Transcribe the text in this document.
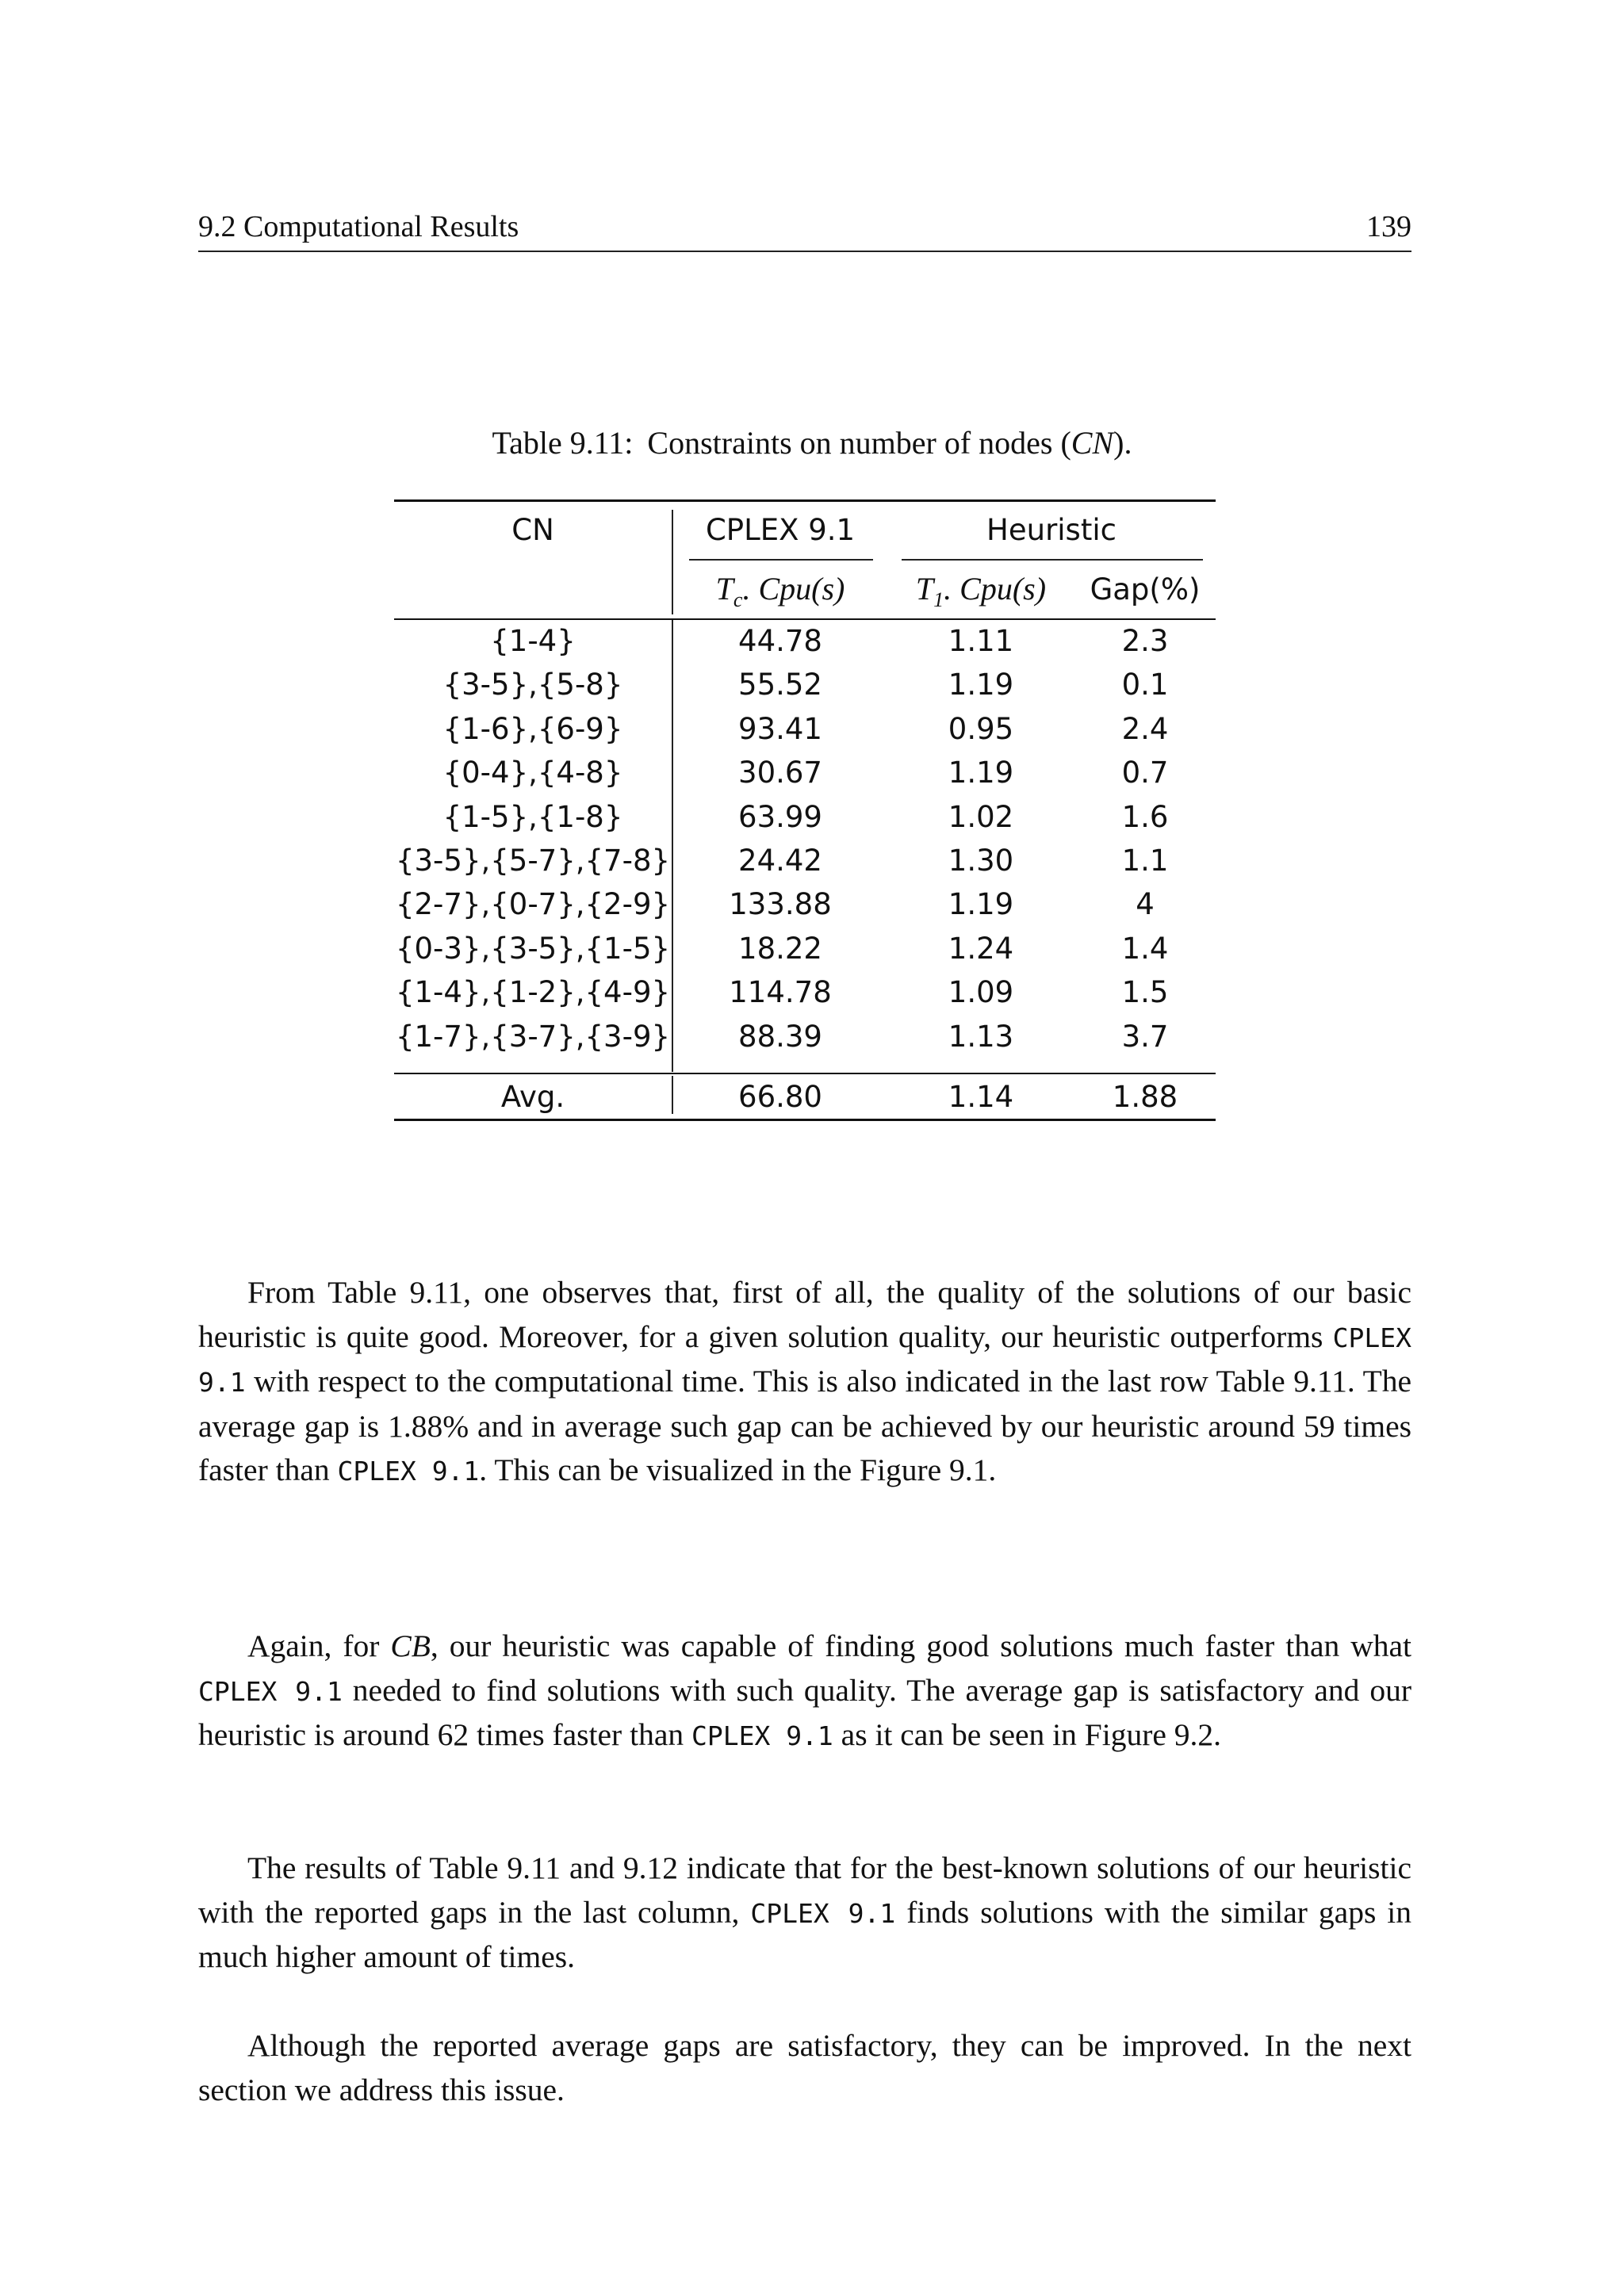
9.2 Computational Results	139
Table 9.11: Constraints on number of nodes (CN).
CN	CPLEX 9.1	Heuristic
$T_c$. Cpu(s)	$T_1$. Cpu(s)	Gap(%)
{1-4}	44.78	1.11	2.3
{3-5},{5-8}	55.52	1.19	0.1
{1-6},{6-9}	93.41	0.95	2.4
{0-4},{4-8}	30.67	1.19	0.7
{1-5},{1-8}	63.99	1.02	1.6
{3-5},{5-7},{7-8}	24.42	1.30	1.1
{2-7},{0-7},{2-9}	133.88	1.19	4
{0-3},{3-5},{1-5}	18.22	1.24	1.4
{1-4},{1-2},{4-9}	114.78	1.09	1.5
{1-7},{3-7},{3-9}	88.39	1.13	3.7
Avg.	66.80	1.14	1.88
From Table 9.11, one observes that, first of all, the quality of the solutions of our basic heuristic is quite good. Moreover, for a given solution quality, our heuristic outperforms CPLEX 9.1 with respect to the computational time. This is also indicated in the last row Table 9.11. The average gap is 1.88% and in average such gap can be achieved by our heuristic around 59 times faster than CPLEX 9.1. This can be visualized in the Figure 9.1.
Again, for CB, our heuristic was capable of finding good solutions much faster than what CPLEX 9.1 needed to find solutions with such quality. The average gap is satisfactory and our heuristic is around 62 times faster than CPLEX 9.1 as it can be seen in Figure 9.2.
The results of Table 9.11 and 9.12 indicate that for the best-known solutions of our heuristic with the reported gaps in the last column, CPLEX 9.1 finds solutions with the similar gaps in much higher amount of times.
Although the reported average gaps are satisfactory, they can be improved. In the next section we address this issue.
